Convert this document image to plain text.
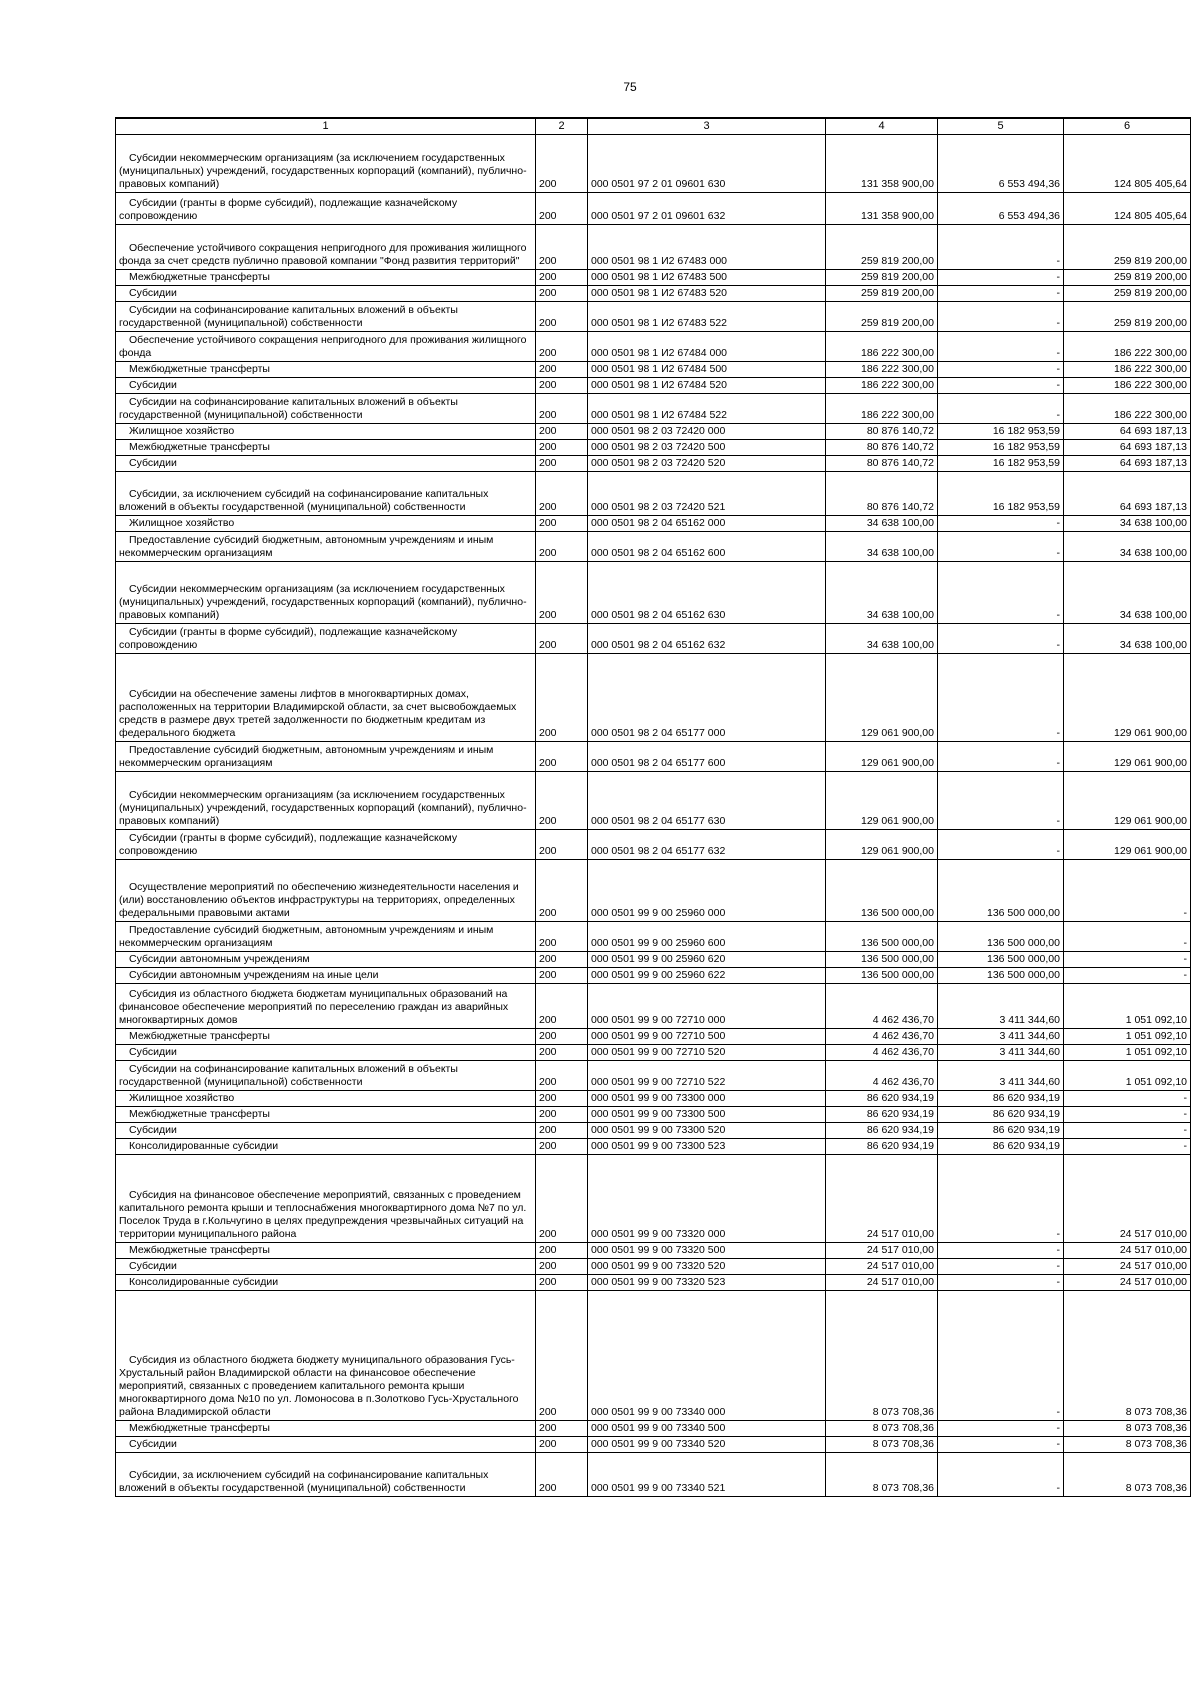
75
1	2	3	4	5	6

Субсидии некоммерческим организациям (за исключением государственных (муниципальных) учреждений, государственных корпораций (компаний), публично-правовых компаний)	200	000 0501 97 2 01 09601 630	131 358 900,00	6 553 494,36	124 805 405,64

Субсидии (гранты в форме субсидий), подлежащие казначейскому сопровождению	200	000 0501 97 2 01 09601 632	131 358 900,00	6 553 494,36	124 805 405,64

Обеспечение устойчивого сокращения непригодного для проживания жилищного фонда за счет средств публично правовой компании "Фонд развития территорий"	200	000 0501 98 1 И2 67483 000	259 819 200,00	-	259 819 200,00

Межбюджетные трансферты	200	000 0501 98 1 И2 67483 500	259 819 200,00	-	259 819 200,00

Субсидии	200	000 0501 98 1 И2 67483 520	259 819 200,00	-	259 819 200,00

Субсидии на софинансирование капитальных вложений в объекты государственной (муниципальной) собственности	200	000 0501 98 1 И2 67483 522	259 819 200,00	-	259 819 200,00

Обеспечение устойчивого сокращения непригодного для проживания жилищного фонда	200	000 0501 98 1 И2 67484 000	186 222 300,00	-	186 222 300,00

Межбюджетные трансферты	200	000 0501 98 1 И2 67484 500	186 222 300,00	-	186 222 300,00

Субсидии	200	000 0501 98 1 И2 67484 520	186 222 300,00	-	186 222 300,00

Субсидии на софинансирование капитальных вложений в объекты государственной (муниципальной) собственности	200	000 0501 98 1 И2 67484 522	186 222 300,00	-	186 222 300,00

Жилищное хозяйство	200	000 0501 98 2 03 72420 000	80 876 140,72	16 182 953,59	64 693 187,13

Межбюджетные трансферты	200	000 0501 98 2 03 72420 500	80 876 140,72	16 182 953,59	64 693 187,13

Субсидии	200	000 0501 98 2 03 72420 520	80 876 140,72	16 182 953,59	64 693 187,13

Субсидии, за исключением субсидий на софинансирование капитальных вложений в объекты государственной (муниципальной) собственности	200	000 0501 98 2 03 72420 521	80 876 140,72	16 182 953,59	64 693 187,13

Жилищное хозяйство	200	000 0501 98 2 04 65162 000	34 638 100,00	-	34 638 100,00

Предоставление субсидий бюджетным, автономным учреждениям и иным некоммерческим организациям	200	000 0501 98 2 04 65162 600	34 638 100,00	-	34 638 100,00

Субсидии некоммерческим организациям (за исключением государственных (муниципальных) учреждений, государственных корпораций (компаний), публично-правовых компаний)	200	000 0501 98 2 04 65162 630	34 638 100,00	-	34 638 100,00

Субсидии (гранты в форме субсидий), подлежащие казначейскому сопровождению	200	000 0501 98 2 04 65162 632	34 638 100,00	-	34 638 100,00

Субсидии на обеспечение замены лифтов в многоквартирных домах, расположенных на территории Владимирской области, за счет высвобождаемых средств в размере двух третей задолженности по бюджетным кредитам из федерального бюджета	200	000 0501 98 2 04 65177 000	129 061 900,00	-	129 061 900,00

Предоставление субсидий бюджетным, автономным учреждениям и иным некоммерческим организациям	200	000 0501 98 2 04 65177 600	129 061 900,00	-	129 061 900,00

Субсидии некоммерческим организациям (за исключением государственных (муниципальных) учреждений, государственных корпораций (компаний), публично-правовых компаний)	200	000 0501 98 2 04 65177 630	129 061 900,00	-	129 061 900,00

Субсидии (гранты в форме субсидий), подлежащие казначейскому сопровождению	200	000 0501 98 2 04 65177 632	129 061 900,00	-	129 061 900,00

Осуществление мероприятий по обеспечению жизнедеятельности населения и (или) восстановлению объектов инфраструктуры на территориях, определенных федеральными правовыми актами	200	000 0501 99 9 00 25960 000	136 500 000,00	136 500 000,00	-

Предоставление субсидий бюджетным, автономным учреждениям и иным некоммерческим организациям	200	000 0501 99 9 00 25960 600	136 500 000,00	136 500 000,00	-

Субсидии автономным учреждениям	200	000 0501 99 9 00 25960 620	136 500 000,00	136 500 000,00	-

Субсидии автономным учреждениям на иные цели	200	000 0501 99 9 00 25960 622	136 500 000,00	136 500 000,00	-

Субсидия из областного бюджета бюджетам муниципальных образований на финансовое обеспечение мероприятий по переселению граждан из аварийных многоквартирных домов	200	000 0501 99 9 00 72710 000	4 462 436,70	3 411 344,60	1 051 092,10

Межбюджетные трансферты	200	000 0501 99 9 00 72710 500	4 462 436,70	3 411 344,60	1 051 092,10

Субсидии	200	000 0501 99 9 00 72710 520	4 462 436,70	3 411 344,60	1 051 092,10

Субсидии на софинансирование капитальных вложений в объекты государственной (муниципальной) собственности	200	000 0501 99 9 00 72710 522	4 462 436,70	3 411 344,60	1 051 092,10

Жилищное хозяйство	200	000 0501 99 9 00 73300 000	86 620 934,19	86 620 934,19	-

Межбюджетные трансферты	200	000 0501 99 9 00 73300 500	86 620 934,19	86 620 934,19	-

Субсидии	200	000 0501 99 9 00 73300 520	86 620 934,19	86 620 934,19	-

Консолидированные субсидии	200	000 0501 99 9 00 73300 523	86 620 934,19	86 620 934,19	-

Субсидия на финансовое обеспечение мероприятий, связанных с проведением капитального ремонта крыши и теплоснабжения многоквартирного дома №7 по ул. Поселок Труда в г.Кольчугино в целях предупреждения чрезвычайных ситуаций на территории муниципального района	200	000 0501 99 9 00 73320 000	24 517 010,00	-	24 517 010,00

Межбюджетные трансферты	200	000 0501 99 9 00 73320 500	24 517 010,00	-	24 517 010,00

Субсидии	200	000 0501 99 9 00 73320 520	24 517 010,00	-	24 517 010,00

Консолидированные субсидии	200	000 0501 99 9 00 73320 523	24 517 010,00	-	24 517 010,00

Субсидия из областного бюджета бюджету муниципального образования Гусь-Хрустальный район Владимирской области на финансовое обеспечение мероприятий, связанных с проведением капитального ремонта крыши многоквартирного дома №10 по ул. Ломоносова в п.Золотково Гусь-Хрустального района Владимирской области	200	000 0501 99 9 00 73340 000	8 073 708,36	-	8 073 708,36

Межбюджетные трансферты	200	000 0501 99 9 00 73340 500	8 073 708,36	-	8 073 708,36

Субсидии	200	000 0501 99 9 00 73340 520	8 073 708,36	-	8 073 708,36

Субсидии, за исключением субсидий на софинансирование капитальных вложений в объекты государственной (муниципальной) собственности	200	000 0501 99 9 00 73340 521	8 073 708,36	-	8 073 708,36
